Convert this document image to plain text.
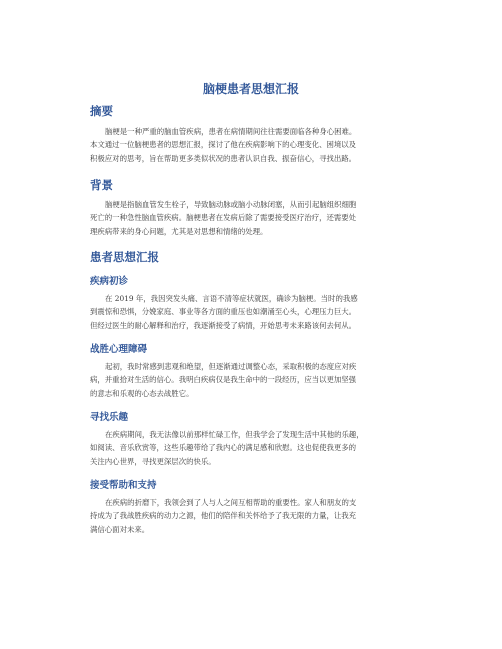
脑梗患者思想汇报
摘要
脑梗是一种严重的脑血管疾病，患者在病情期间往往需要面临各种身心困难。
本文通过一位脑梗患者的思想汇报，探讨了他在疾病影响下的心理变化、困境以及
积极应对的思考，旨在帮助更多类似状况的患者认识自我、振奋信心，寻找出路。
背景
脑梗是指脑血管发生栓子，导致脑动脉或脑小动脉闭塞，从而引起脑组织细胞
死亡的一种急性脑血管疾病。脑梗患者在发病后除了需要接受医疗治疗，还需要处
理疾病带来的身心问题，尤其是对思想和情绪的处理。
患者思想汇报
疾病初诊
在 2019 年，我因突发头痛、言语不清等症状就医，确诊为脑梗。当时的我感
到震惊和恐惧，分娩家庭、事业等各方面的重压也如潮涌至心头，心理压力巨大。
但经过医生的耐心解释和治疗，我逐渐接受了病情，开始思考未来路该何去何从。
战胜心理障碍
起初，我时常感到悲观和绝望，但逐渐通过调整心态，采取积极的态度应对疾
病，并重拾对生活的信心。我明白疾病仅是我生命中的一段经历，应当以更加坚强
的意志和乐观的心态去战胜它。
寻找乐趣
在疾病期间，我无法像以前那样忙碌工作，但我学会了发现生活中其他的乐趣，
如阅读、音乐欣赏等，这些乐趣带给了我内心的满足感和欣慰。这也促使我更多的
关注内心世界，寻找更深层次的快乐。
接受帮助和支持
在疾病的折磨下，我领会到了人与人之间互相帮助的重要性。家人和朋友的支
持成为了我战胜疾病的动力之源，他们的陪伴和关怀给予了我无限的力量，让我充
满信心面对未来。
